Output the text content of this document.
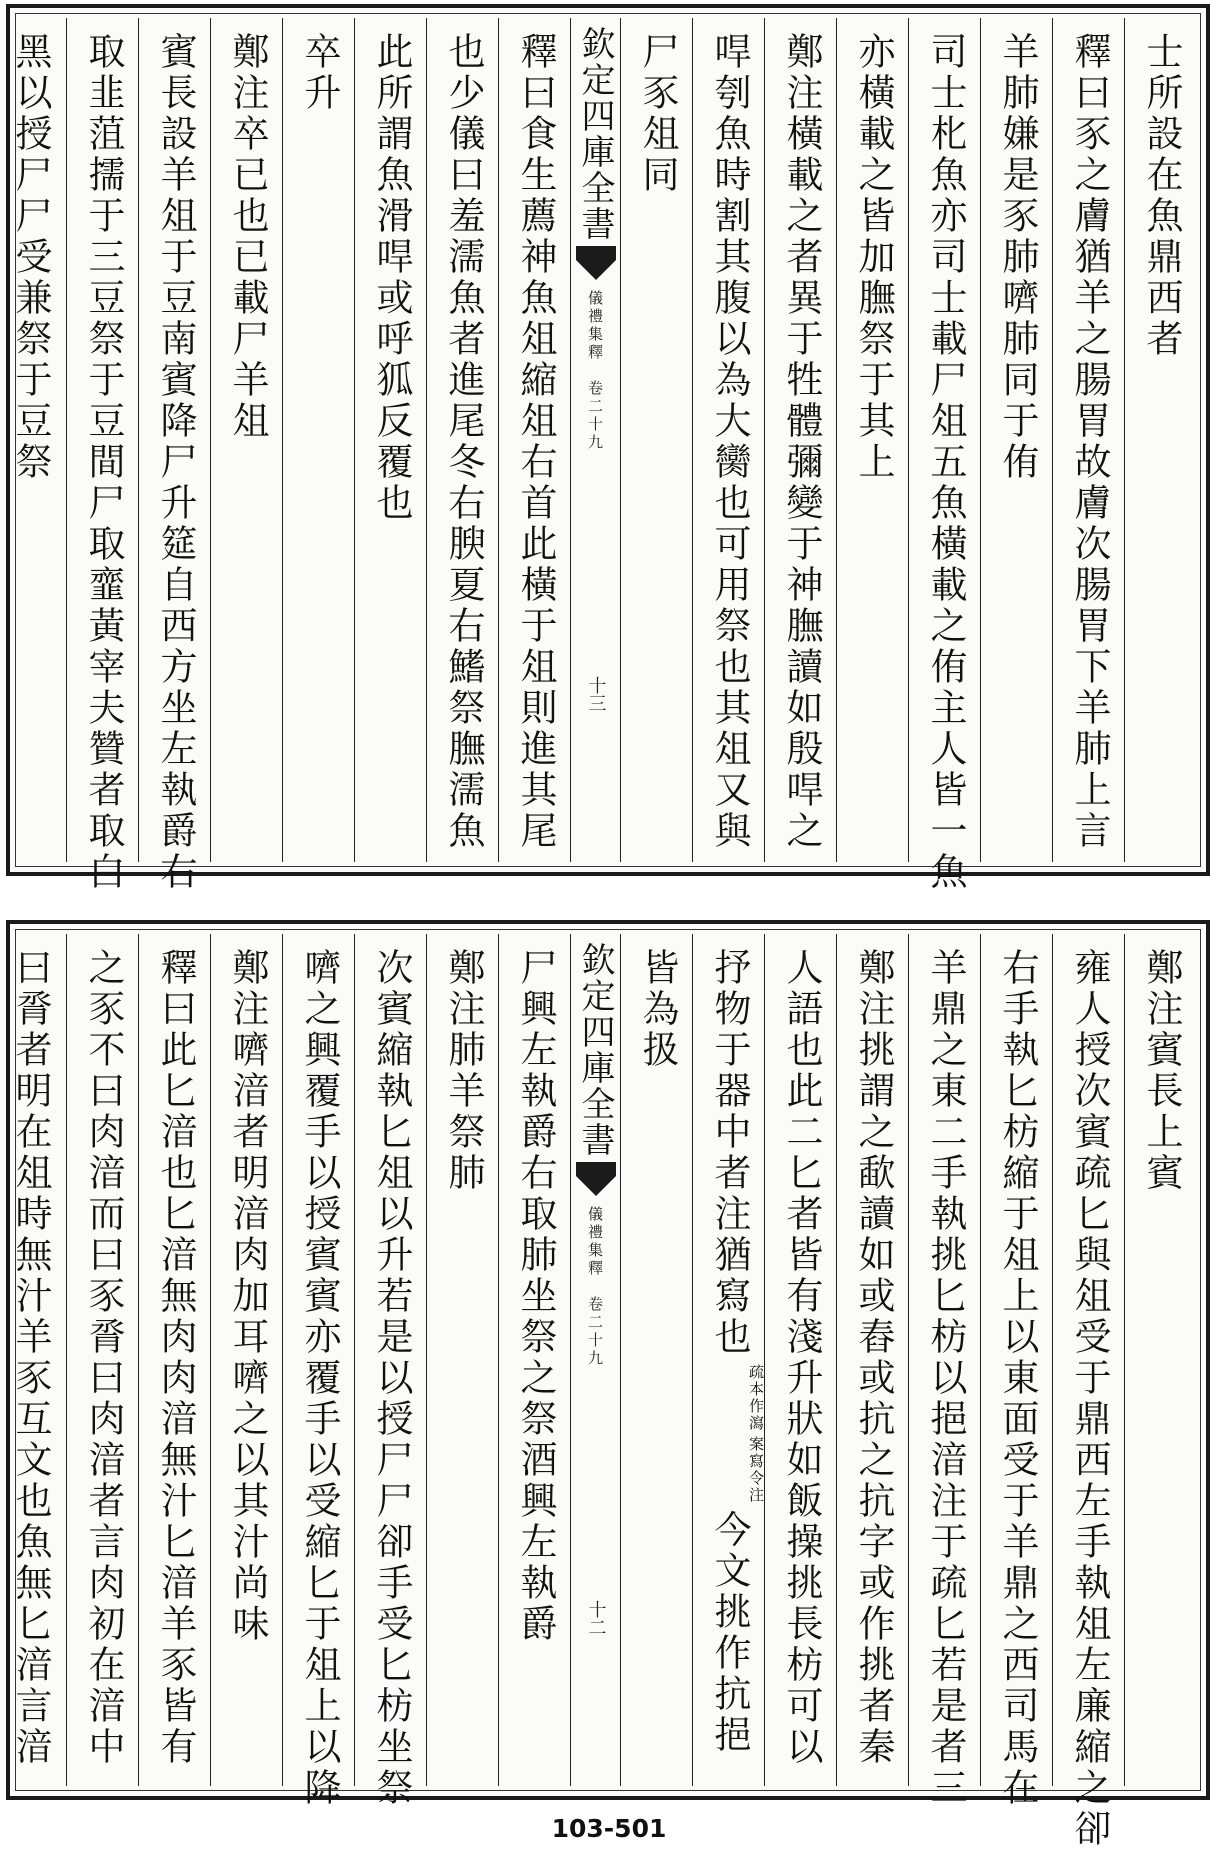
士所設在魚鼎西者
釋曰豕之膚猶羊之腸胃故膚次腸胃下羊肺上言
羊肺嫌是豕肺嚌肺同于侑
司士朼魚亦司士載尸俎五魚橫載之侑主人皆一魚
亦橫載之皆加膴祭于其上
鄭注橫載之者異于牲體彌變于神膴讀如殷哻之
哻刳魚時割其腹以為大臠也可用祭也其俎又與
尸豕俎同
欽定四庫全書
儀禮集釋　卷二十九
十三
釋曰食生薦神魚俎縮俎右首此橫于俎則進其尾
也少儀曰羞濡魚者進尾冬右腴夏右鰭祭膴濡魚
此所謂魚滑哻或呼狐反覆也
卒升
鄭注卒已也已載尸羊俎
賓長設羊俎于豆南賓降尸升筵自西方坐左執爵右
取韭菹擩于三豆祭于豆間尸取韲黃宰夫贊者取白
黑以授尸尸受兼祭于豆祭
鄭注賓長上賓
雍人授次賓疏匕與俎受于鼎西左手執俎左廉縮之卻
右手執匕枋縮于俎上以東面受于羊鼎之西司馬在
羊鼎之東二手執挑匕枋以挹湆注于疏匕若是者三
鄭注挑謂之歃讀如或舂或抗之抗字或作挑者秦
人語也此二匕者皆有淺升狀如飯操挑長枋可以
抒物于器中者注猶寫也
案寫令注
疏本作瀉
今文挑作抗挹
皆為扱
欽定四庫全書
儀禮集釋　卷二十九
十二
尸興左執爵右取肺坐祭之祭酒興左執爵
鄭注肺羊祭肺
次賓縮執匕俎以升若是以授尸尸卻手受匕枋坐祭
嚌之興覆手以授賓賓亦覆手以受縮匕于俎上以降
鄭注嚌湆者明湆肉加耳嚌之以其汁尚味
釋曰此匕湆也匕湆無肉肉湆無汁匕湆羊豕皆有
之豕不曰肉湆而曰豕脀曰肉湆者言肉初在湆中
曰脀者明在俎時無汁羊豕互文也魚無匕湆言湆
103-501
